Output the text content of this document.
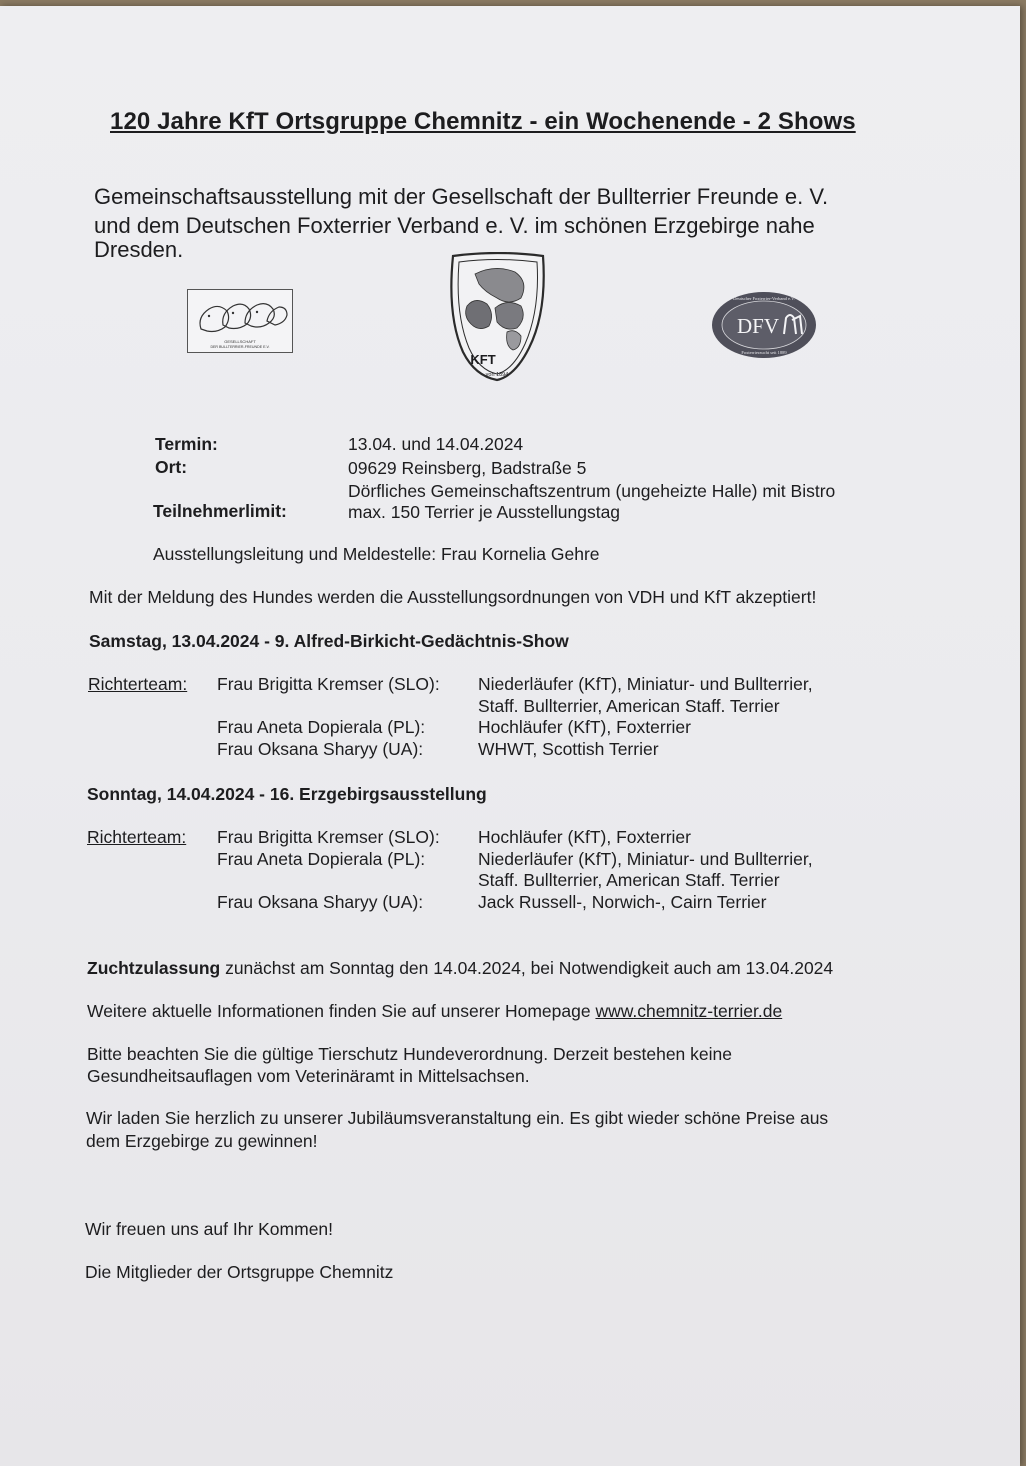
120 Jahre KfT Ortsgruppe Chemnitz - ein Wochenende - 2 Shows
Gemeinschaftsausstellung mit der Gesellschaft der Bullterrier Freunde e. V.
und dem Deutschen Foxterrier Verband e. V. im schönen Erzgebirge nahe
Dresden.
GESELLSCHAFT
DER BULLTERRIER-FREUNDE E.V.
KFT
von 1894
DFV
Deutscher Foxterrier-Verband e.V.
Foxterrierzucht seit 1889
Termin:	13.04. und 14.04.2024
Ort:	09629 Reinsberg, Badstraße 5
Dörfliches Gemeinschaftszentrum (ungeheizte Halle) mit Bistro
Teilnehmerlimit:	max. 150 Terrier je Ausstellungstag
Ausstellungsleitung und Meldestelle: Frau Kornelia Gehre
Mit der Meldung des Hundes werden die Ausstellungsordnungen von VDH und KfT akzeptiert!
Samstag, 13.04.2024 - 9. Alfred-Birkicht-Gedächtnis-Show
Richterteam: Frau Brigitta Kremser (SLO): Niederläufer (KfT), Miniatur- und Bullterrier,
Staff. Bullterrier, American Staff. Terrier
Frau Aneta Dopierala (PL):	Hochläufer (KfT), Foxterrier
Frau Oksana Sharyy (UA):	WHWT, Scottish Terrier
Sonntag, 14.04.2024 - 16. Erzgebirgsausstellung
Richterteam: Frau Brigitta Kremser (SLO): Hochläufer (KfT), Foxterrier
Frau Aneta Dopierala (PL):	Niederläufer (KfT), Miniatur- und Bullterrier,
Staff. Bullterrier, American Staff. Terrier
Frau Oksana Sharyy (UA):	Jack Russell-, Norwich-, Cairn Terrier
Zuchtzulassung zunächst am Sonntag den 14.04.2024, bei Notwendigkeit auch am 13.04.2024
Weitere aktuelle Informationen finden Sie auf unserer Homepage www.chemnitz-terrier.de
Bitte beachten Sie die gültige Tierschutz Hundeverordnung. Derzeit bestehen keine
Gesundheitsauflagen vom Veterinäramt in Mittelsachsen.
Wir laden Sie herzlich zu unserer Jubiläumsveranstaltung ein. Es gibt wieder schöne Preise aus
dem Erzgebirge zu gewinnen!
Wir freuen uns auf Ihr Kommen!
Die Mitglieder der Ortsgruppe Chemnitz
